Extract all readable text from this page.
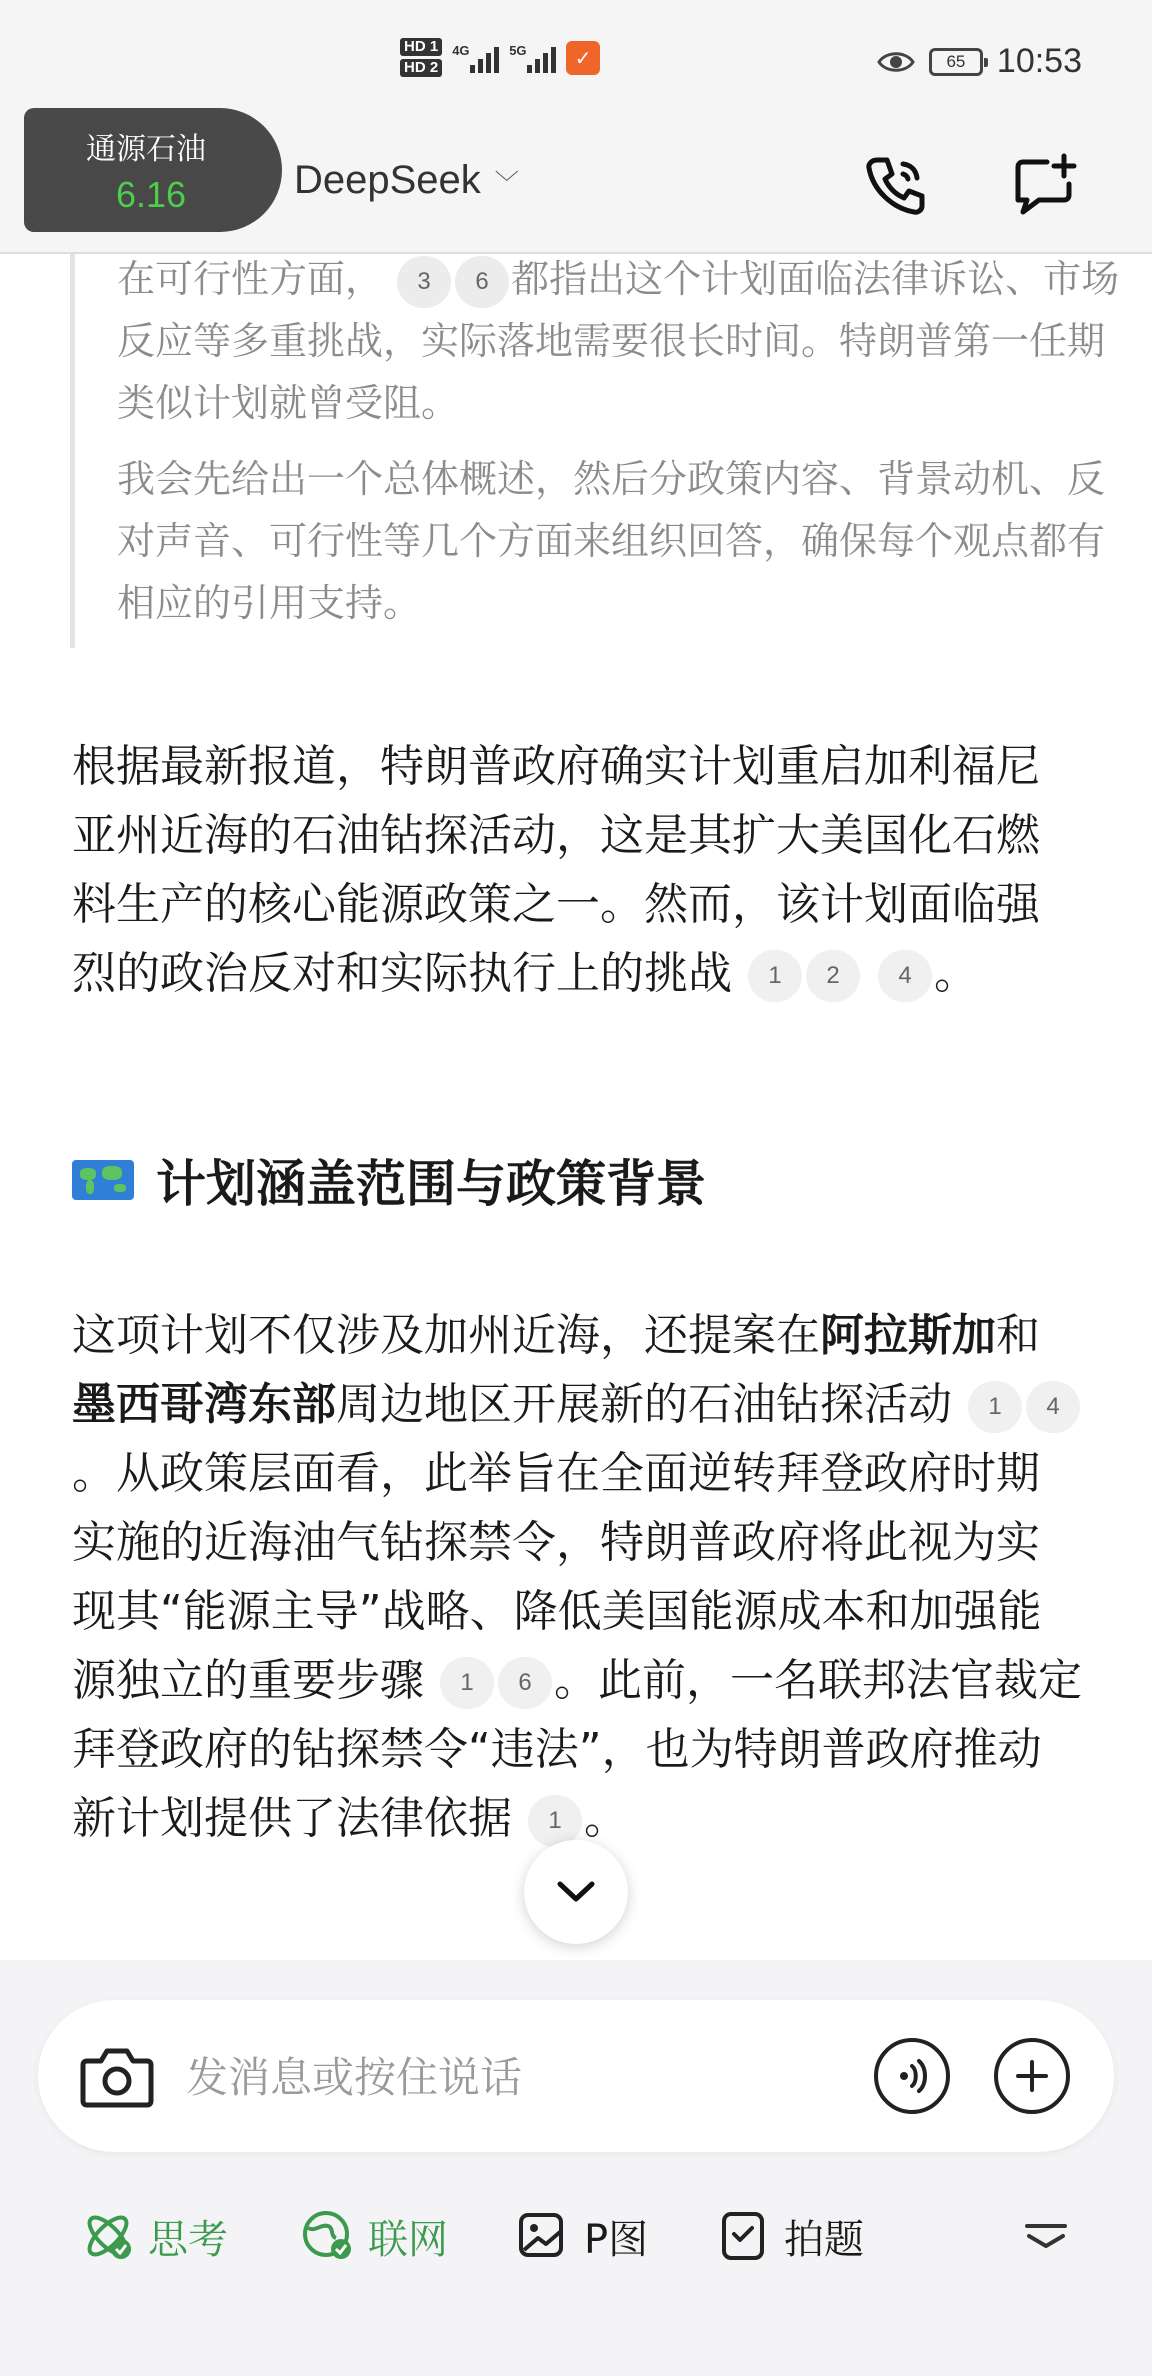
HD 1
HD 2
4G	5G	✓	65 10:53
DeepSeek ﹀
通源石油
6.16

在可行性方面， 3 6 都指出这个计划面临法律诉讼、市场反应等多重挑战，实际落地需要很长时间。特朗普第一任期类似计划就曾受阻。

我会先给出一个总体概述，然后分政策内容、背景动机、反对声音、可行性等几个方面来组织回答，确保每个观点都有相应的引用支持。

根据最新报道，特朗普政府确实计划重启加利福尼亚州近海的石油钻探活动，这是其扩大美国化石燃料生产的核心能源政策之一。然而，该计划面临强烈的政治反对和实际执行上的挑战 1 2 4 。

计划涵盖范围与政策背景

这项计划不仅涉及加州近海，还提案在阿拉斯加和墨西哥湾东部周边地区开展新的石油钻探活动 1 4。从政策层面看，此举旨在全面逆转拜登政府时期实施的近海油气钻探禁令，特朗普政府将此视为实现其“能源主导”战略、降低美国能源成本和加强能源独立的重要步骤 1 6 。此前，一名联邦法官裁定拜登政府的钻探禁令“违法”，也为特朗普政府推动新计划提供了法律依据 1 。

发消息或按住说话
思考	联网	P图	拍题
